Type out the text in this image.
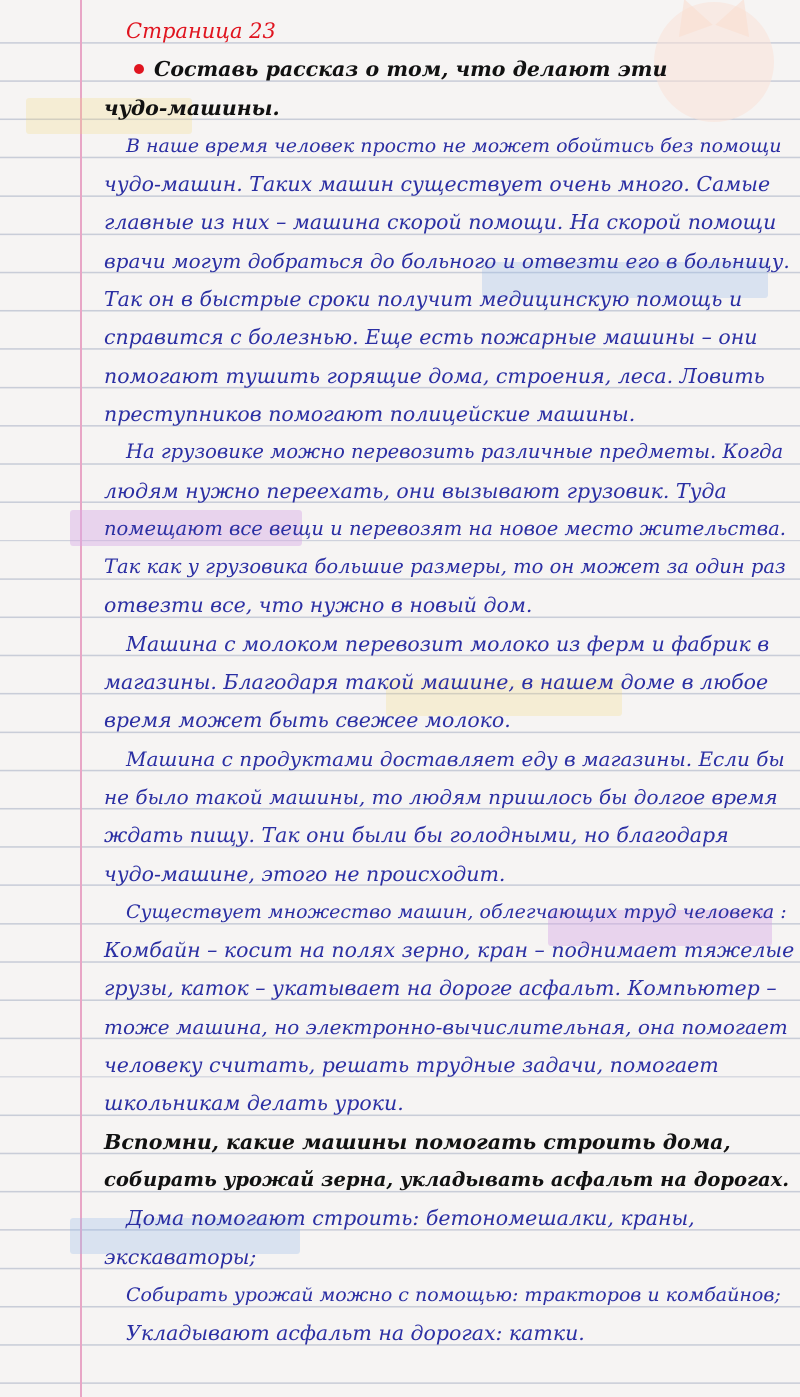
Страница 23
Составь рассказ о том, что делают эти
чудо-машины.
В наше время человек просто не может обойтись без помощи
чудо-машин. Таких машин существует очень много. Самые
главные из них – машина скорой помощи. На скорой помощи
врачи могут добраться до больного и отвезти его в больницу.
Так он в быстрые сроки получит медицинскую помощь и
справится с болезнью. Еще есть пожарные машины – они
помогают тушить горящие дома, строения, леса. Ловить
преступников помогают полицейские машины.
На грузовике можно перевозить различные предметы. Когда
людям нужно переехать, они вызывают грузовик. Туда
помещают все вещи и перевозят на новое место жительства.
Так как у грузовика большие размеры, то он может за один раз
отвезти все, что нужно в новый дом.
Машина с молоком перевозит молоко из ферм и фабрик в
магазины. Благодаря такой машине, в нашем доме в любое
время может быть свежее молоко.
Машина с продуктами доставляет еду в магазины. Если бы
не было такой машины, то людям пришлось бы долгое время
ждать пищу. Так они были бы голодными, но благодаря
чудо-машине, этого не происходит.
Существует множество машин, облегчающих труд человека :
Комбайн – косит на полях зерно, кран – поднимает тяжелые
грузы, каток – укатывает на дороге асфальт. Компьютер –
тоже машина, но электронно-вычислительная, она помогает
человеку считать, решать трудные задачи, помогает
школьникам делать уроки.
Вспомни, какие машины помогать строить дома,
собирать урожай зерна, укладывать асфальт на дорогах.
Дома помогают строить: бетономешалки, краны,
экскаваторы;
Собирать урожай можно с помощью: тракторов и комбайнов;
Укладывают асфальт на дорогах: катки.
